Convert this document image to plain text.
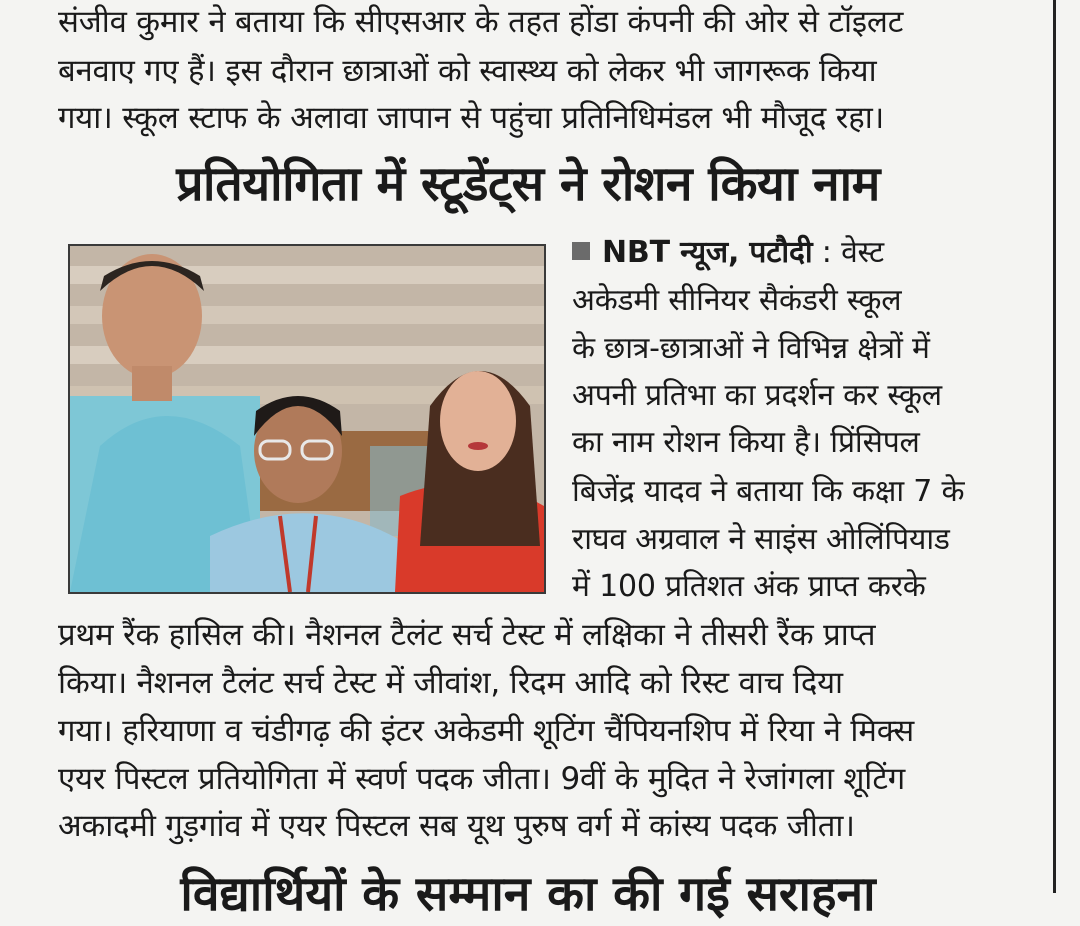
संजीव कुमार ने बताया कि सीएसआर के तहत होंडा कंपनी की ओर से टॉइलट
बनवाए गए हैं। इस दौरान छात्राओं को स्वास्थ्य को लेकर भी जागरूक किया
गया। स्कूल स्टाफ के अलावा जापान से पहुंचा प्रतिनिधिमंडल भी मौजूद रहा।
प्रतियोगिता में स्टूडेंट्स ने रोशन किया नाम
NBT न्यूज, पटौदी : वेस्ट
अकेडमी सीनियर सैकंडरी स्कूल
के छात्र-छात्राओं ने विभिन्न क्षेत्रों में
अपनी प्रतिभा का प्रदर्शन कर स्कूल
का नाम रोशन किया है। प्रिंसिपल
बिजेंद्र यादव ने बताया कि कक्षा 7 के
राघव अग्रवाल ने साइंस ओलिंपियाड
में 100 प्रतिशत अंक प्राप्त करके
प्रथम रैंक हासिल की। नैशनल टैलंट सर्च टेस्ट में लक्षिका ने तीसरी रैंक प्राप्त
किया। नैशनल टैलंट सर्च टेस्ट में जीवांश, रिदम आदि को रिस्ट वाच दिया
गया। हरियाणा व चंडीगढ़ की इंटर अकेडमी शूटिंग चैंपियनशिप में रिया ने मिक्स
एयर पिस्टल प्रतियोगिता में स्वर्ण पदक जीता। 9वीं के मुदित ने रेजांगला शूटिंग
अकादमी गुड़गांव में एयर पिस्टल सब यूथ पुरुष वर्ग में कांस्य पदक जीता।
विद्यार्थियों के सम्मान का की गई सराहना
